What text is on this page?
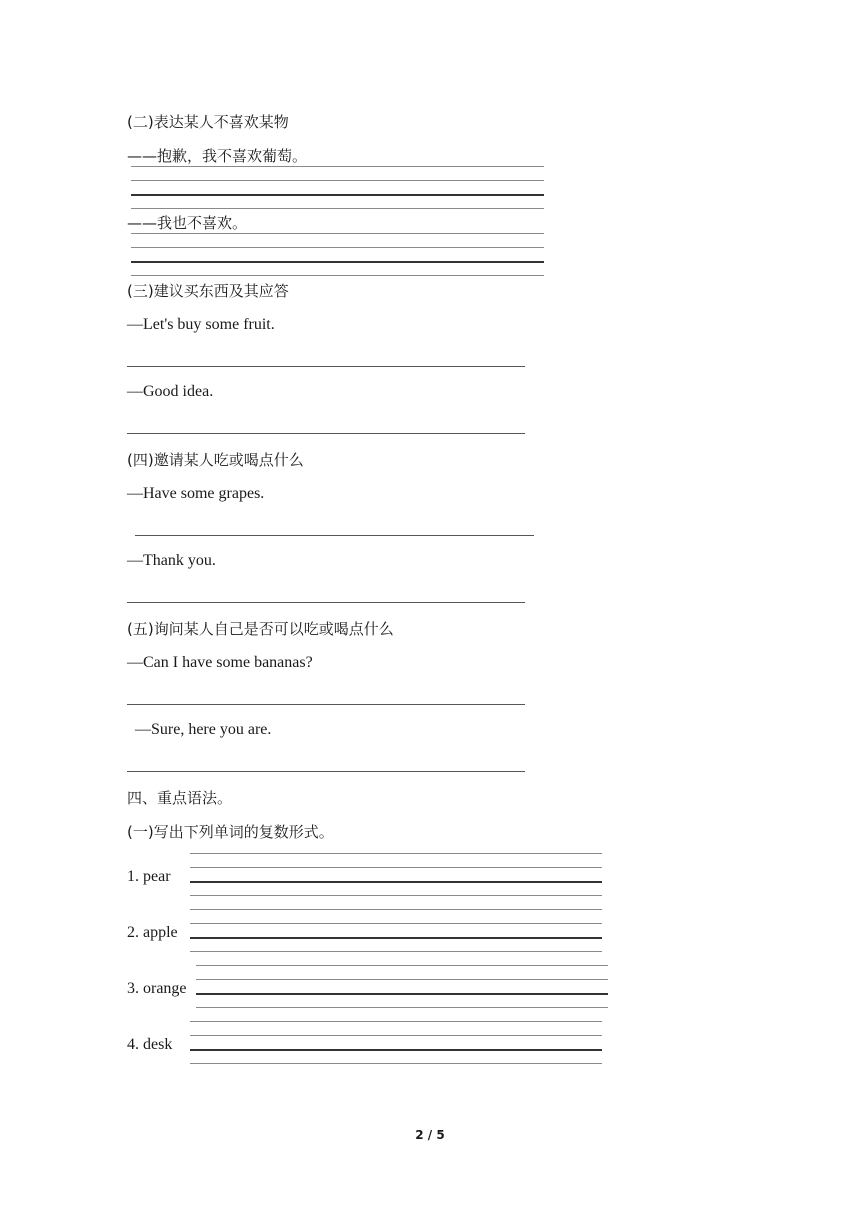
(二)表达某人不喜欢某物
——抱歉，我不喜欢葡萄。
——我也不喜欢。
(三)建议买东西及其应答
—Let's buy some fruit.
—Good idea.
(四)邀请某人吃或喝点什么
—Have some grapes.
—Thank you.
(五)询问某人自己是否可以吃或喝点什么
—Can I have some bananas?
—Sure, here you are.
四、重点语法。
(一)写出下列单词的复数形式。
1. pear
2. apple
3. orange
4. desk
2 / 5
